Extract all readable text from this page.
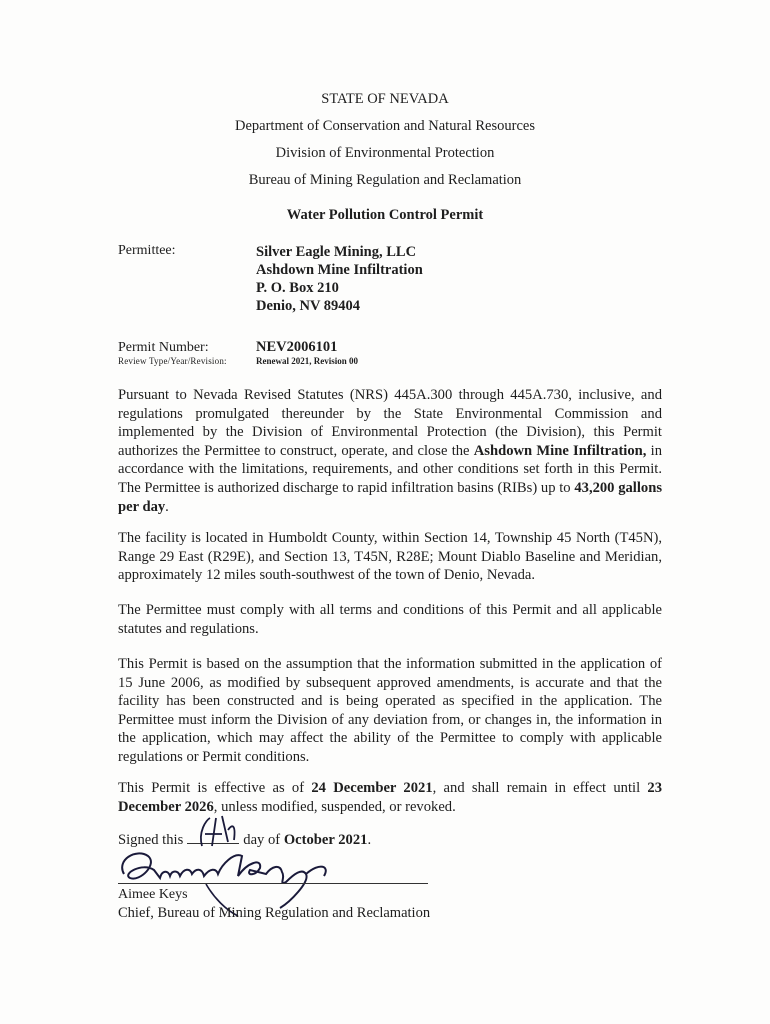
STATE OF NEVADA
Department of Conservation and Natural Resources
Division of Environmental Protection
Bureau of Mining Regulation and Reclamation
Water Pollution Control Permit
Permittee:	Silver Eagle Mining, LLC
Ashdown Mine Infiltration
P. O. Box 210
Denio, NV 89404
Permit Number:	NEV2006101
Review Type/Year/Revision:	Renewal 2021, Revision 00
Pursuant to Nevada Revised Statutes (NRS) 445A.300 through 445A.730, inclusive, and regulations promulgated thereunder by the State Environmental Commission and implemented by the Division of Environmental Protection (the Division), this Permit authorizes the Permittee to construct, operate, and close the Ashdown Mine Infiltration, in accordance with the limitations, requirements, and other conditions set forth in this Permit. The Permittee is authorized discharge to rapid infiltration basins (RIBs) up to 43,200 gallons per day.
The facility is located in Humboldt County, within Section 14, Township 45 North (T45N), Range 29 East (R29E), and Section 13, T45N, R28E; Mount Diablo Baseline and Meridian, approximately 12 miles south-southwest of the town of Denio, Nevada.
The Permittee must comply with all terms and conditions of this Permit and all applicable statutes and regulations.
This Permit is based on the assumption that the information submitted in the application of 15 June 2006, as modified by subsequent approved amendments, is accurate and that the facility has been constructed and is being operated as specified in the application. The Permittee must inform the Division of any deviation from, or changes in, the information in the application, which may affect the ability of the Permittee to comply with applicable regulations or Permit conditions.
This Permit is effective as of 24 December 2021, and shall remain in effect until 23 December 2026, unless modified, suspended, or revoked.
Signed this	day of October 2021.
Aimee Keys
Chief, Bureau of Mining Regulation and Reclamation
